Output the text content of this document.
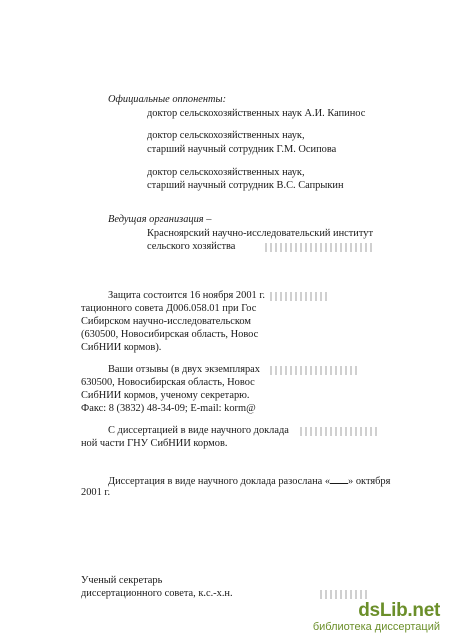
Официальные оппоненты:
доктор сельскохозяйственных наук А.И. Капинос
доктор сельскохозяйственных наук,
старший научный сотрудник Г.М. Осипова
доктор сельскохозяйственных наук,
старший научный сотрудник В.С. Сапрыкин
Ведущая организация –
Красноярский научно-исследовательский институт
сельского хозяйства
Защита состоится 16 ноября 2001 г.
тационного совета Д006.058.01 при Гос
Сибирском научно-исследовательском
(630500, Новосибирская область, Новос
СибНИИ кормов).
Ваши отзывы (в двух экземплярах
630500, Новосибирская область, Новос
СибНИИ кормов, ученому секретарю.
Факс: 8 (3832) 48-34-09; E-mail: korm@
С диссертацией в виде научного доклада
ной части ГНУ СибНИИ кормов.
Диссертация в виде научного доклада разослана « » октября
2001 г.
Ученый секретарь
диссертационного совета, к.с.-х.н.
dsLib.net
библиотека диссертаций
